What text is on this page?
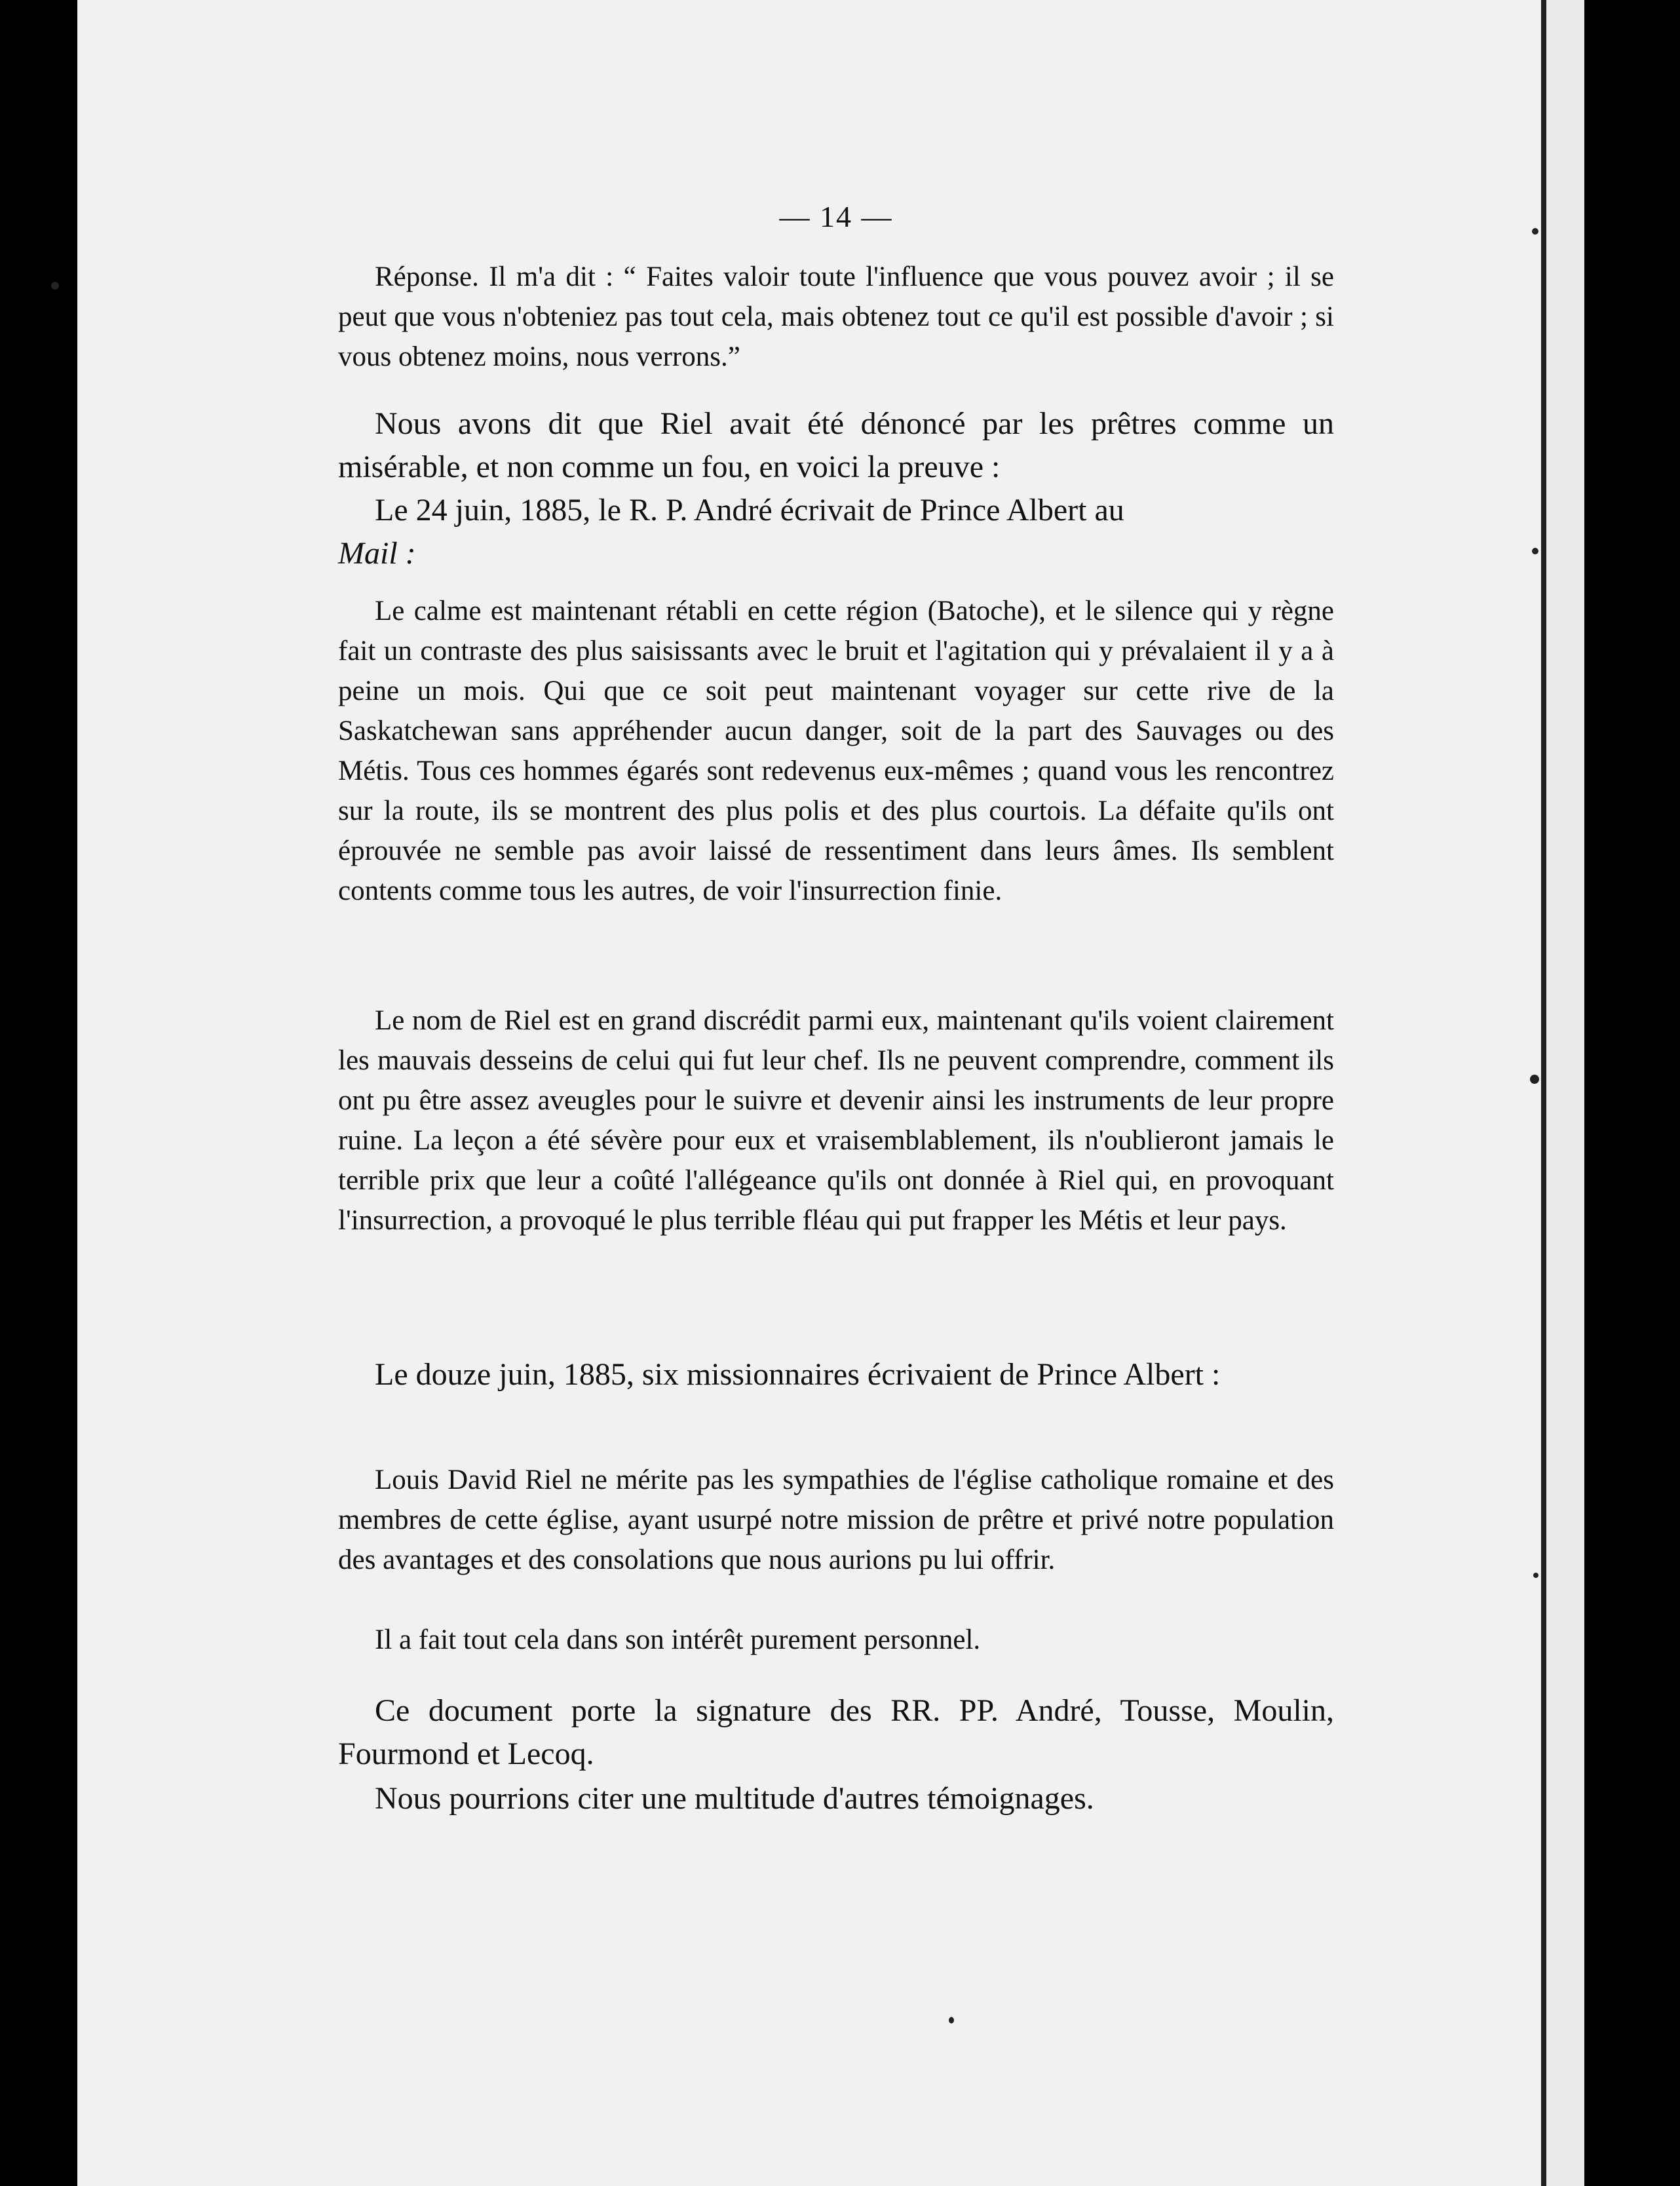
— 14 —

Réponse. Il m'a dit : “ Faites valoir toute l'influence que vous pouvez avoir ; il se peut que vous n'obteniez pas tout cela, mais obtenez tout ce qu'il est possible d'avoir ; si vous obtenez moins, nous verrons.”

Nous avons dit que Riel avait été dénoncé par les prêtres comme un misérable, et non comme un fou, en voici la preuve :

Le 24 juin, 1885, le R. P. André écrivait de Prince Albert au
Mail :

Le calme est maintenant rétabli en cette région (Batoche), et le silence qui y règne fait un contraste des plus saisissants avec le bruit et l'agitation qui y prévalaient il y a à peine un mois. Qui que ce soit peut maintenant voyager sur cette rive de la Saskatchewan sans appréhender aucun danger, soit de la part des Sauvages ou des Métis. Tous ces hommes égarés sont redevenus eux-mêmes ; quand vous les rencontrez sur la route, ils se montrent des plus polis et des plus courtois. La défaite qu'ils ont éprouvée ne semble pas avoir laissé de ressentiment dans leurs âmes. Ils semblent contents comme tous les autres, de voir l'insurrection finie.

Le nom de Riel est en grand discrédit parmi eux, maintenant qu'ils voient clairement les mauvais desseins de celui qui fut leur chef. Ils ne peuvent comprendre, comment ils ont pu être assez aveugles pour le suivre et devenir ainsi les instruments de leur propre ruine. La leçon a été sévère pour eux et vraisemblablement, ils n'oublieront jamais le terrible prix que leur a coûté l'allégeance qu'ils ont donnée à Riel qui, en provoquant l'insurrection, a provoqué le plus terrible fléau qui put frapper les Métis et leur pays.

Le douze juin, 1885, six missionnaires écrivaient de Prince Albert :

Louis David Riel ne mérite pas les sympathies de l'église catholique romaine et des membres de cette église, ayant usurpé notre mission de prêtre et privé notre population des avantages et des consolations que nous aurions pu lui offrir.

Il a fait tout cela dans son intérêt purement personnel.

Ce document porte la signature des RR. PP. André, Tousse, Moulin, Fourmond et Lecoq.

Nous pourrions citer une multitude d'autres témoignages.
